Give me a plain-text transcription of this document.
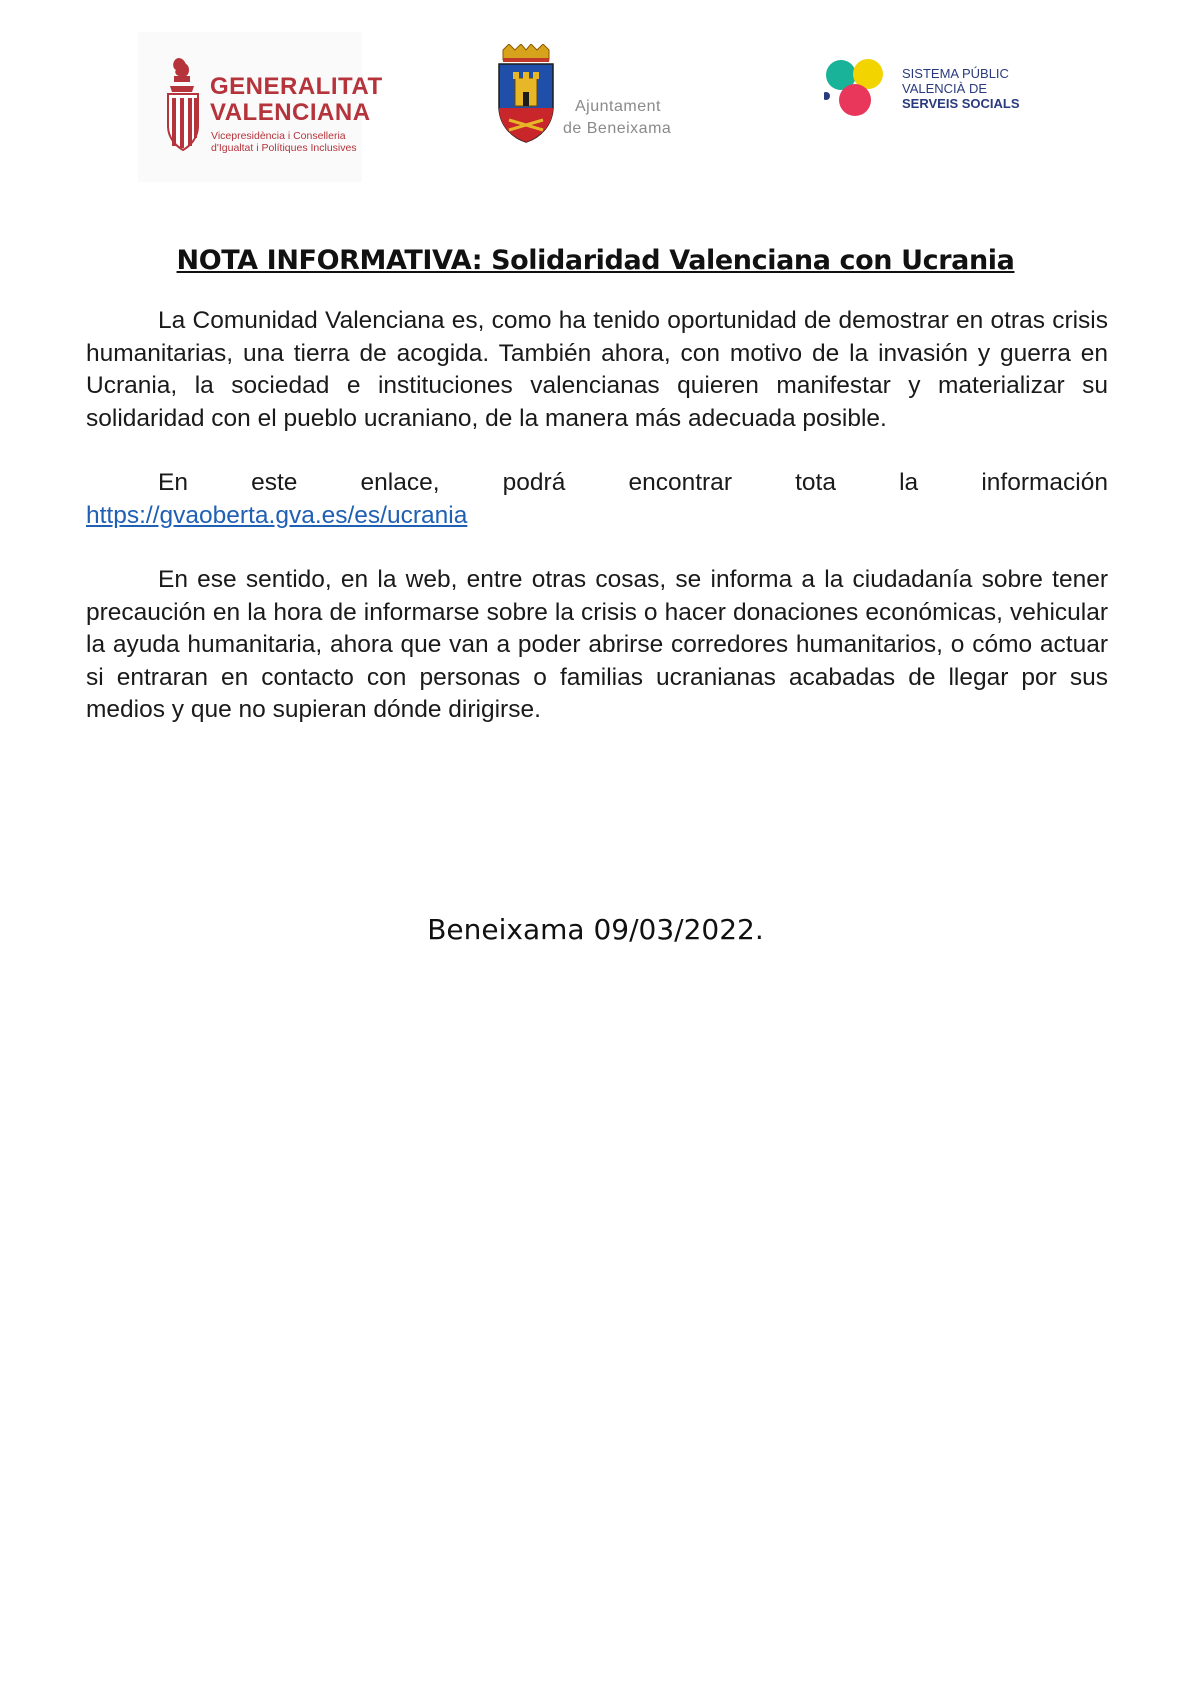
GENERALITAT
VALENCIANA
Vicepresidència i Conselleria
d'Igualtat i Polítiques Inclusives
Ajuntament
de Beneixama
SISTEMA PÚBLIC
VALENCIÀ DE
SERVEIS SOCIALS
NOTA INFORMATIVA: Solidaridad Valenciana con Ucrania

La Comunidad Valenciana es, como ha tenido oportunidad de demostrar en otras crisis humanitarias, una tierra de acogida. También ahora, con motivo de la invasión y guerra en Ucrania, la sociedad e instituciones valencianas quieren manifestar y materializar su solidaridad con el pueblo ucraniano, de la manera más adecuada posible.

En	este	enlace,	podrá	encontrar	tota	la	información
https://gvaoberta.gva.es/es/ucrania

En ese sentido, en la web, entre otras cosas, se informa a la ciudadanía sobre tener precaución en la hora de informarse sobre la crisis o hacer donaciones económicas, vehicular la ayuda humanitaria, ahora que van a poder abrirse corredores humanitarios, o cómo actuar si entraran en contacto con personas o familias ucranianas acabadas de llegar por sus medios y que no supieran dónde dirigirse.

Beneixama 09/03/2022.
